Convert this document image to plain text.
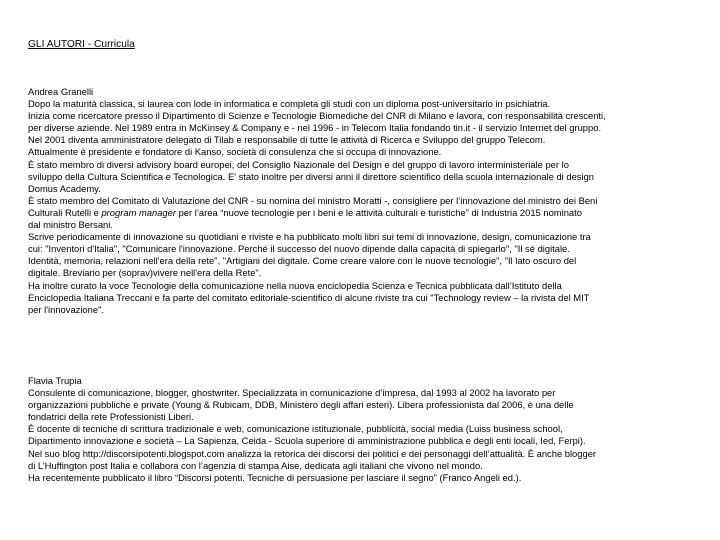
GLI AUTORI - Curricula
Andrea Granelli
Dopo la maturità classica, si laurea con lode in informatica e completa gli studi con un diploma post-universitario in psichiatria.
Inizia come ricercatore presso il Dipartimento di Scienze e Tecnologie Biomediche del CNR di Milano e lavora, con responsabilità crescenti,
per diverse aziende. Nel 1989 entra in McKinsey & Company e - nel 1996 - in Telecom Italia fondando tin.it - il servizio Internet del gruppo.
Nel 2001 diventa amministratore delegato di Tilab e responsabile di tutte le attività di Ricerca e Sviluppo del gruppo Telecom.
Attualmente è presidente e fondatore di Kanso, società di consulenza che si occupa di innovazione.
È stato membro di diversi advisory board europei, del Consiglio Nazionale del Design e del gruppo di lavoro interministeriale per lo
sviluppo della Cultura Scientifica e Tecnologica. E' stato inoltre per diversi anni il direttore scientifico della scuola internazionale di design
Domus Academy.
È stato membro del Comitato di Valutazione del CNR - su nomina del ministro Moratti -, consigliere per l’innovazione del ministro dei Beni
Culturali Rutelli e program manager per l’area “nuove tecnologie per i beni e le attività culturali e turistiche” di Industria 2015 nominato
dal ministro Bersani.
Scrive periodicamente di innovazione su quotidiani e riviste e ha pubblicato molti libri sui temi di innovazione, design, comunicazione tra
cui: "Inventori d'Italia", "Comunicare l'innovazione. Perché il successo del nuovo dipende dalla capacità di spiegarlo", "Il sé digitale.
Identità, memoria, relazioni nell'era della rete", "Artigiani del digitale. Come creare valore con le nuove tecnologie", "Il lato oscuro del
digitale. Breviario per (soprav)vivere nell'era della Rete".
Ha inoltre curato la voce Tecnologie della comunicazione nella nuova enciclopedia Scienza e Tecnica pubblicata dall’Istituto della
Enciclopedia Italiana Treccani e fa parte del comitato editoriale-scientifico di alcune riviste tra cui "Technology review – la rivista del MIT
per l'innovazione".
Flavia Trupia
Consulente di comunicazione, blogger, ghostwriter. Specializzata in comunicazione d’impresa, dal 1993 al 2002 ha lavorato per
organizzazioni pubbliche e private (Young & Rubicam, DDB, Ministero degli affari esteri). Libera professionista dal 2006, è una delle
fondatrici della rete Professionisti Liberi.
È docente di tecniche di scrittura tradizionale e web, comunicazione istituzionale, pubblicità, social media (Luiss business school,
Dipartimento innovazione e società – La Sapienza, Ceida - Scuola superiore di amministrazione pubblica e degli enti locali, Ied, Ferpi).
Nel suo blog http://discorsipotenti.blogspot.com analizza la retorica dei discorsi dei politici e dei personaggi dell’attualità. È anche blogger
di L’Huffington post Italia e collabora con l’agenzia di stampa Aise, dedicata agli italiani che vivono nel mondo.
Ha recentemente pubblicato il libro “Discorsi potenti. Tecniche di persuasione per lasciare il segno” (Franco Angeli ed.).
